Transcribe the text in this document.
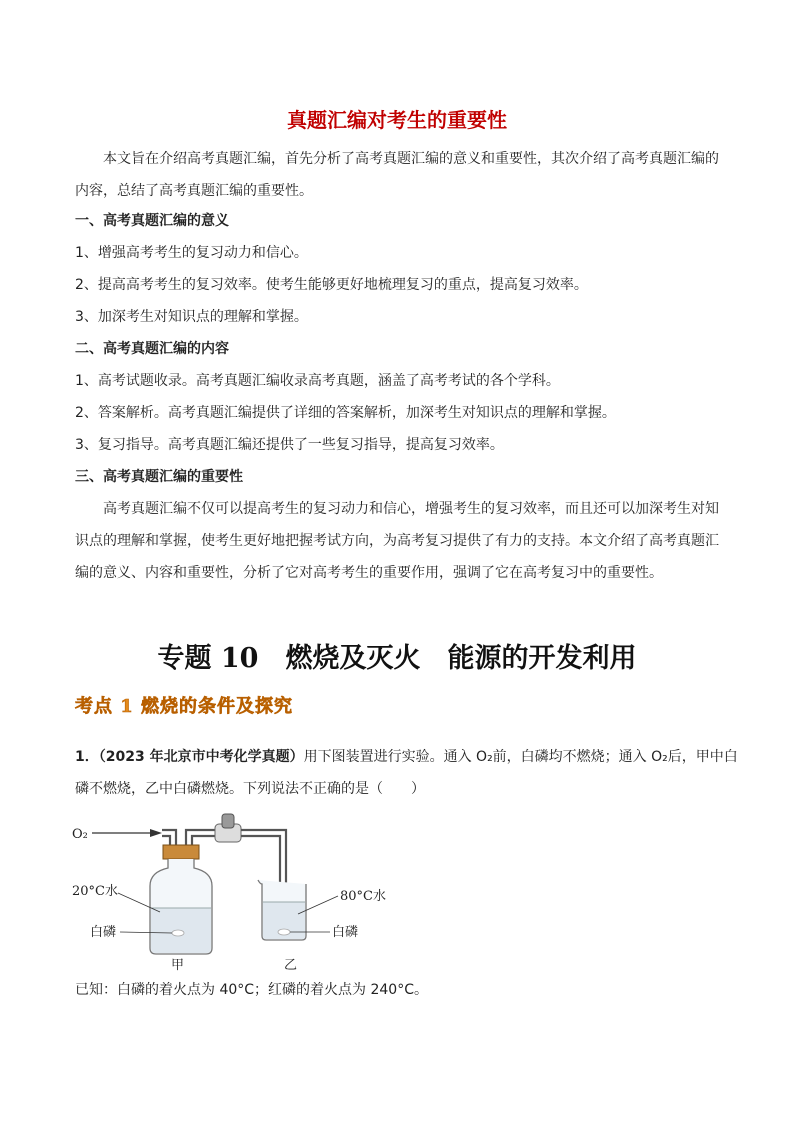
真题汇编对考生的重要性

本文旨在介绍高考真题汇编，首先分析了高考真题汇编的意义和重要性，其次介绍了高考真题汇编的内容，总结了高考真题汇编的重要性。

一、高考真题汇编的意义
1、增强高考考生的复习动力和信心。
2、提高高考考生的复习效率。使考生能够更好地梳理复习的重点，提高复习效率。
3、加深考生对知识点的理解和掌握。
二、高考真题汇编的内容
1、高考试题收录。高考真题汇编收录高考真题，涵盖了高考考试的各个学科。
2、答案解析。高考真题汇编提供了详细的答案解析，加深考生对知识点的理解和掌握。
3、复习指导。高考真题汇编还提供了一些复习指导，提高复习效率。
三、高考真题汇编的重要性

高考真题汇编不仅可以提高考生的复习动力和信心，增强考生的复习效率，而且还可以加深考生对知识点的理解和掌握，使考生更好地把握考试方向，为高考复习提供了有力的支持。本文介绍了高考真题汇编的意义、内容和重要性，分析了它对高考考生的重要作用，强调了它在高考复习中的重要性。

专题 10　燃烧及灭火　能源的开发利用
考点 1 燃烧的条件及探究
1．（2023 年北京市中考化学真题）用下图装置进行实验。通入 O₂前，白磷均不燃烧；通入 O₂后，甲中白
磷不燃烧，乙中白磷燃烧。下列说法不正确的是（　　）
O₂
20°C水
白磷
甲
80°C水
白磷
乙
已知：白磷的着火点为 40°C；红磷的着火点为 240°C。
